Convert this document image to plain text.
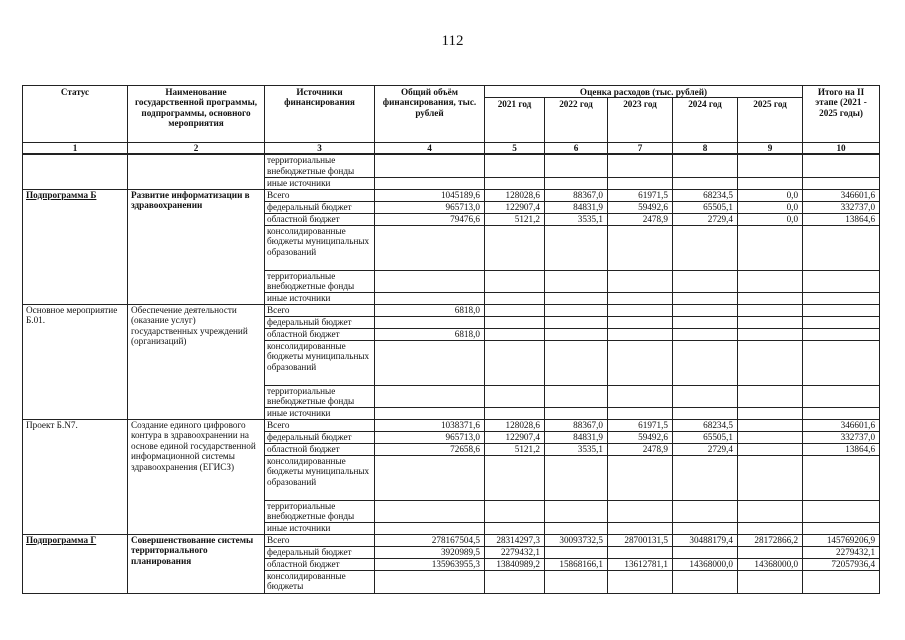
112
Статус	Наименование государственной программы, подпрограммы, основного мероприятия	Источники финансирования	Общий объём финансирования, тыс. рублей	Оценка расходов (тыс. рублей)					Итого на II этапе (2021 - 2025 годы)
				2021 год	2022 год	2023 год	2024 год	2025 год	
1	2	3	4	5	6	7	8	9	10
		территориальные внебюджетные фонды							
		иные источники							
Подпрограмма Б	Развитие информатизации в здравоохранении	Всего	1045189,6	128028,6	88367,0	61971,5	68234,5	0,0	346601,6
		федеральный бюджет	965713,0	122907,4	84831,9	59492,6	65505,1	0,0	332737,0
		областной бюджет	79476,6	5121,2	3535,1	2478,9	2729,4	0,0	13864,6
		консолидированные бюджеты муниципальных образований							
		территориальные внебюджетные фонды							
		иные источники							
Основное мероприятие Б.01.	Обеспечение деятельности (оказание услуг) государственных учреждений (организаций)	Всего	6818,0						
		федеральный бюджет							
		областной бюджет	6818,0						
		консолидированные бюджеты муниципальных образований							
		территориальные внебюджетные фонды							
		иные источники							
Проект Б.N7.	Создание единого цифрового контура в здравоохранении на основе единой государственной информационной системы здравоохранения (ЕГИСЗ)	Всего	1038371,6	128028,6	88367,0	61971,5	68234,5		346601,6
		федеральный бюджет	965713,0	122907,4	84831,9	59492,6	65505,1		332737,0
		областной бюджет	72658,6	5121,2	3535,1	2478,9	2729,4		13864,6
		консолидированные бюджеты муниципальных образований							
		территориальные внебюджетные фонды							
		иные источники							
Подпрограмма Г	Совершенствование системы территориального планирования	Всего	278167504,5	28314297,3	30093732,5	28700131,5	30488179,4	28172866,2	145769206,9
		федеральный бюджет	3920989,5	2279432,1					2279432,1
		областной бюджет	135963955,3	13840989,2	15868166,1	13612781,1	14368000,0	14368000,0	72057936,4
		консолидированные бюджеты							
